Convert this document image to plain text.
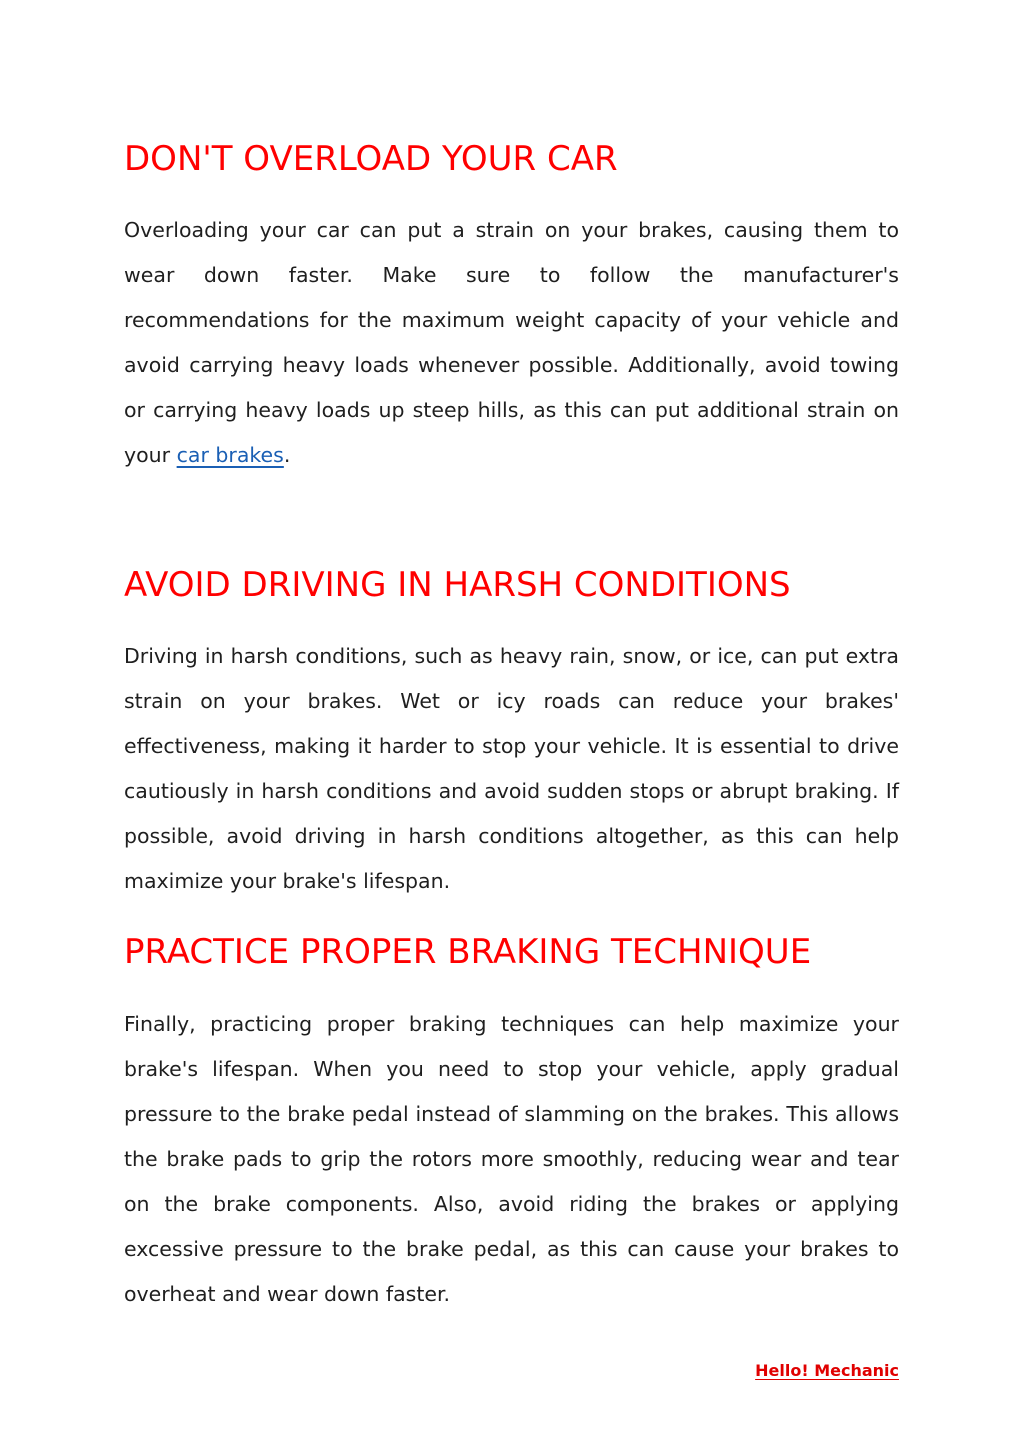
DON'T OVERLOAD YOUR CAR

Overloading your car can put a strain on your brakes, causing them to wear down faster. Make sure to follow the manufacturer's recommendations for the maximum weight capacity of your vehicle and avoid carrying heavy loads whenever possible. Additionally, avoid towing or carrying heavy loads up steep hills, as this can put additional strain on your car brakes.

AVOID DRIVING IN HARSH CONDITIONS

Driving in harsh conditions, such as heavy rain, snow, or ice, can put extra strain on your brakes. Wet or icy roads can reduce your brakes' effectiveness, making it harder to stop your vehicle. It is essential to drive cautiously in harsh conditions and avoid sudden stops or abrupt braking. If possible, avoid driving in harsh conditions altogether, as this can help maximize your brake's lifespan.

PRACTICE PROPER BRAKING TECHNIQUE

Finally, practicing proper braking techniques can help maximize your brake's lifespan. When you need to stop your vehicle, apply gradual pressure to the brake pedal instead of slamming on the brakes. This allows the brake pads to grip the rotors more smoothly, reducing wear and tear on the brake components. Also, avoid riding the brakes or applying excessive pressure to the brake pedal, as this can cause your brakes to overheat and wear down faster.

Hello! Mechanic
